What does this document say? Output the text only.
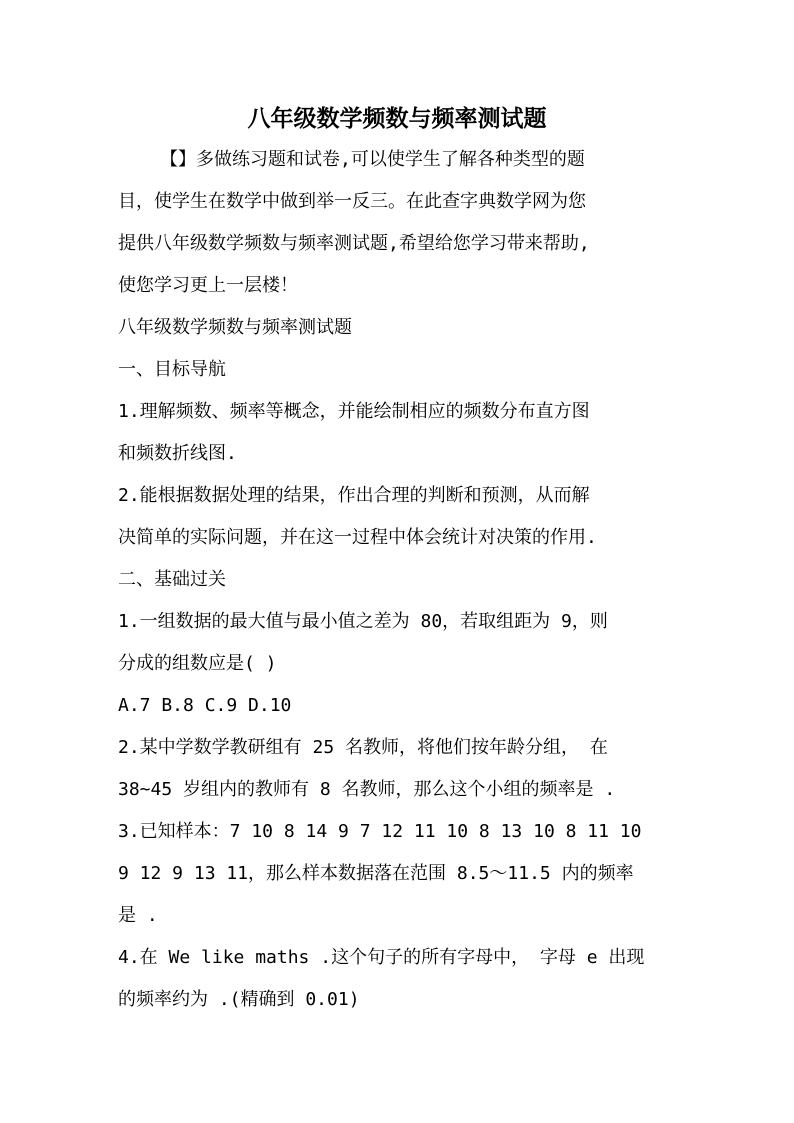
八年级数学频数与频率测试题
【】多做练习题和试卷,可以使学生了解各种类型的题
目，使学生在数学中做到举一反三。在此查字典数学网为您
提供八年级数学频数与频率测试题,希望给您学习带来帮助,
使您学习更上一层楼！
八年级数学频数与频率测试题
一、目标导航
1.理解频数、频率等概念，并能绘制相应的频数分布直方图
和频数折线图.
2.能根据数据处理的结果，作出合理的判断和预测，从而解
决简单的实际问题，并在这一过程中体会统计对决策的作用.
二、基础过关
1.一组数据的最大值与最小值之差为 80，若取组距为 9，则
分成的组数应是( )
A.7 B.8 C.9 D.10
2.某中学数学教研组有 25 名教师，将他们按年龄分组， 在
38~45 岁组内的教师有 8 名教师，那么这个小组的频率是 .
3.已知样本：7 10 8 14 9 7 12 11 10 8 13 10 8 11 10
9 12 9 13 11，那么样本数据落在范围 8.5～11.5 内的频率
是 .
4.在 We like maths .这个句子的所有字母中， 字母 e 出现
的频率约为 .(精确到 0.01)
